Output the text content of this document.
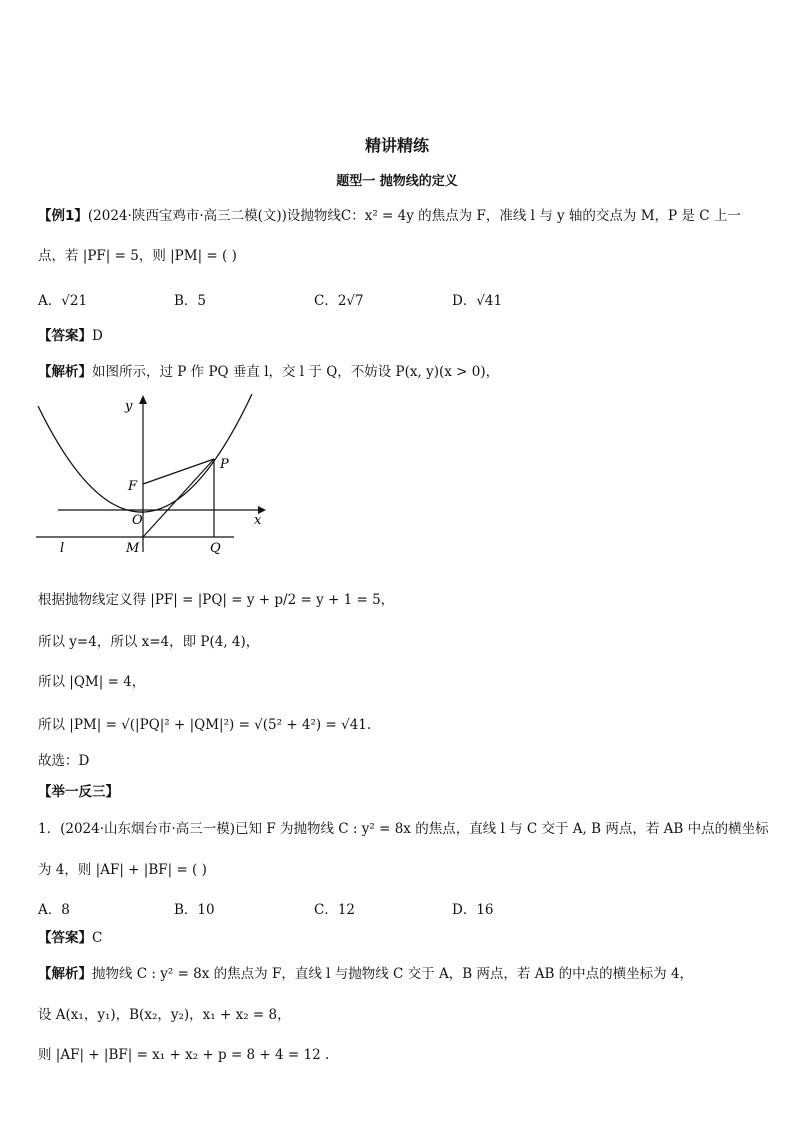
精讲精练
题型一 抛物线的定义
【例1】(2024·陕西宝鸡市·高三二模(文))设抛物线C：x² = 4y 的焦点为 F，准线 l 与 y 轴的交点为 M，P 是 C 上一
点，若 |PF| = 5，则 |PM| = ( )
A．√21	B．5	C．2√7	D．√41
【答案】D
【解析】如图所示，过 P 作 PQ 垂直 l，交 l 于 Q，不妨设 P(x, y)(x > 0)，
y
x
O
F
P
M	Q
l
根据抛物线定义得 |PF| = |PQ| = y + p/2 = y + 1 = 5，
所以 y=4，所以 x=4，即 P(4, 4)，
所以 |QM| = 4，
所以 |PM| = √(|PQ|² + |QM|²) = √(5² + 4²) = √41.
故选：D
【举一反三】
1．(2024·山东烟台市·高三一模)已知 F 为抛物线 C : y² = 8x 的焦点，直线 l 与 C 交于 A, B 两点，若 AB 中点的横坐标
为 4，则 |AF| + |BF| = ( )
A．8	B．10	C．12	D．16
【答案】C
【解析】抛物线 C : y² = 8x 的焦点为 F，直线 l 与抛物线 C 交于 A，B 两点，若 AB 的中点的横坐标为 4，
设 A(x₁，y₁)，B(x₂，y₂)，x₁ + x₂ = 8，
则 |AF| + |BF| = x₁ + x₂ + p = 8 + 4 = 12 .
